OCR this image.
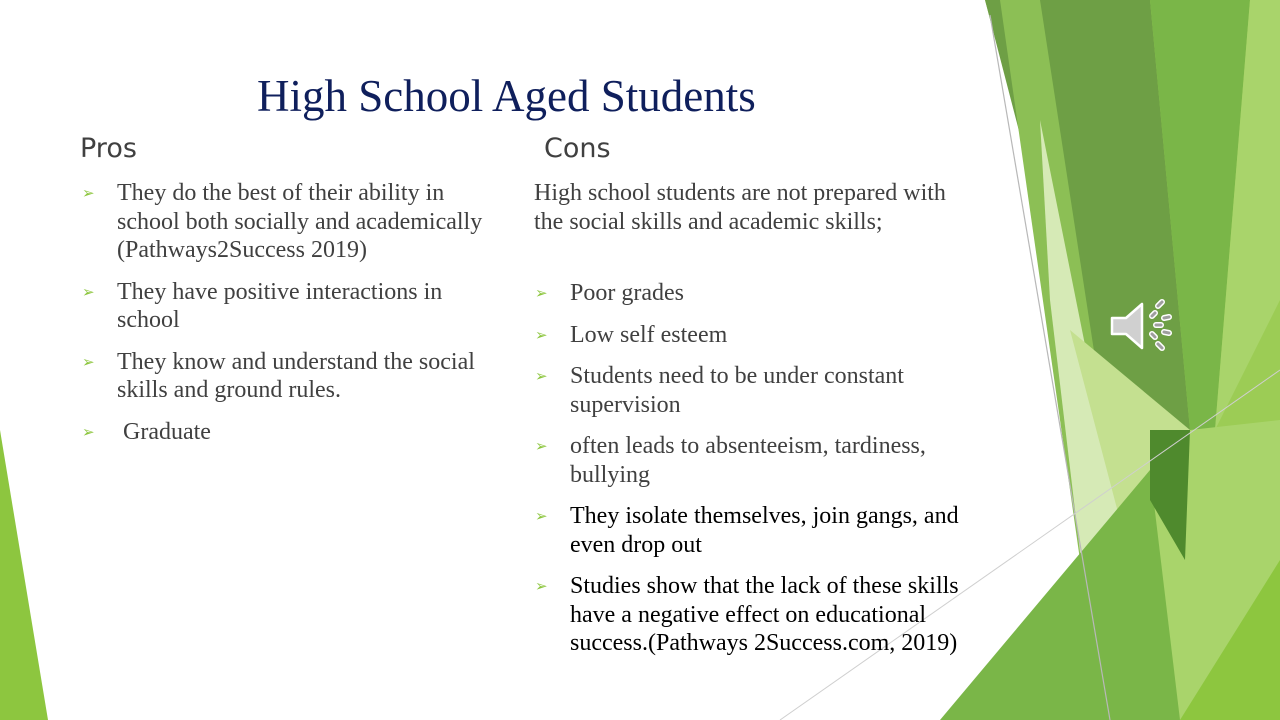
High School Aged Students
Pros	Cons
➢ They do the best of their ability in school both socially and academically (Pathways2Success 2019)
➢ They have positive interactions in school
➢ They know and understand the social skills and ground rules.
➢ Graduate

High school students are not prepared with the social skills and academic skills;

➢ Poor grades
➢ Low self esteem
➢ Students need to be under constant supervision
➢ often leads to absenteeism, tardiness, bullying
➢ They isolate themselves, join gangs, and even drop out
➢ Studies show that the lack of these skills have a negative effect on educational success.(Pathways 2Success.com, 2019)
